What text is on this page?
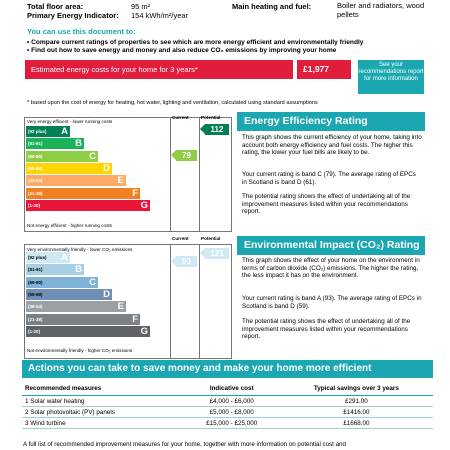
Total floor area:	95 m²
Primary Energy Indicator: 154 kWh/m²/year
Main heating and fuel:	Boiler and radiators, wood pellets
You can use this document to:
• Compare current ratings of properties to see which are more energy efficient and environmentally friendly
• Find out how to save energy and money and also reduce CO₂ emissions by improving your home
Estimated energy costs for your home for 3 years*	£1,977	See your recommendations report for more information
* based upon the cost of energy for heating, hot water, lighting and ventilation, calculated using standard assumptions
Current	Potential
Very energy efficient - lower running costs
Not energy efficient - higher running costs
(92 plus) A
(81-91)	B
(69-80)	C
(55-68)	D
(39-54)	E
(21-38)	F
(1-20)	G
79
112
Current	Potential
Very environmentally friendly - lower CO₂ emissions
Not environmentally friendly - higher CO₂ emissions
(92 plus) A
(81-91)	B
(69-80)	C
(55-68)	D
(39-54)	E
(21-38)	F
(1-20)	G
93
121
Energy Efficiency Rating
This graph shows the current efficiency of your home, taking into account both energy efficiency and fuel costs. The higher this rating, the lower your fuel bills are likely to be.
Your current rating is band C (79). The average rating of EPCs in Scotland is band D (61).
The potential rating shows the effect of undertaking all of the improvement measures listed within your recommendations report.
Environmental Impact (CO₂) Rating
This graph shows the effect of your home on the environment in terms of carbon dioxide (CO₂) emissions. The higher the rating, the less impact it has on the environment.
Your current rating is band A (93). The average rating of EPCs in Scotland is band D (59).
The potential rating shows the effect of undertaking all of the improvement measures listed within your recommendations report.
Actions you can take to save money and make your home more efficient
Recommended measures	Indicative cost	Typical savings over 3 years
1 Solar water heating	£4,000 - £6,000	£291.00
2 Solar photovoltaic (PV) panels	£5,000 - £8,000	£1416.00
3 Wind turbine	£15,000 - £25,000	£1668.00
A full list of recommended improvement measures for your home, together with more information on potential cost and
